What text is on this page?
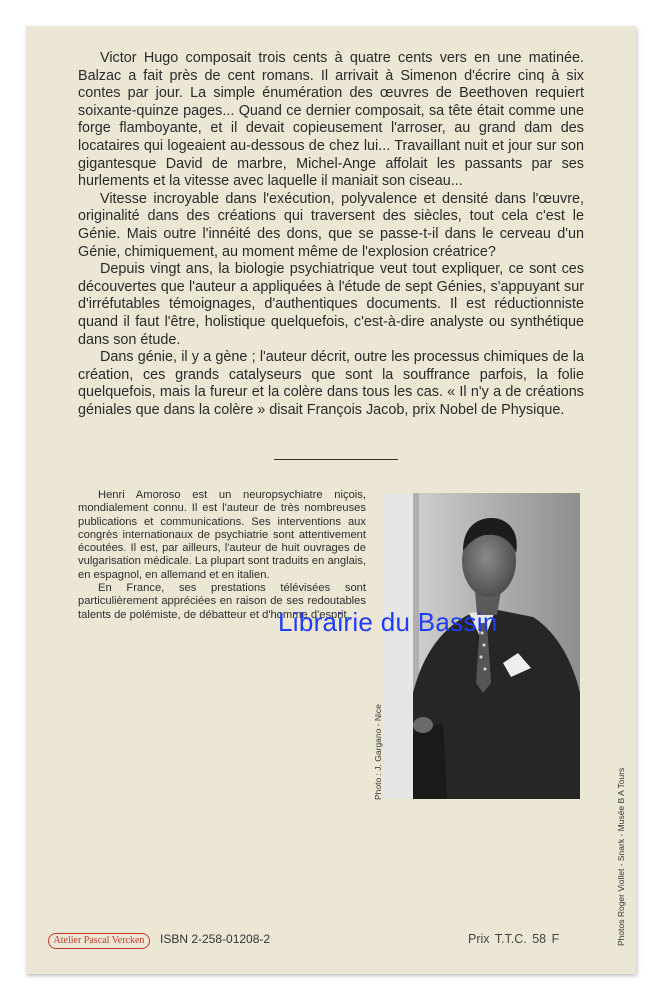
Victor Hugo composait trois cents à quatre cents vers en une matinée. Balzac a fait près de cent romans. Il arrivait à Simenon d'écrire cinq à six contes par jour. La simple énumération des œuvres de Beethoven requiert soixante-quinze pages... Quand ce dernier composait, sa tête était comme une forge flamboyante, et il devait copieusement l'arroser, au grand dam des locataires qui logeaient au-dessous de chez lui... Travaillant nuit et jour sur son gigantesque David de marbre, Michel-Ange affolait les passants par ses hurlements et la vitesse avec laquelle il maniait son ciseau...

Vitesse incroyable dans l'exécution, polyvalence et densité dans l'œuvre, originalité dans des créations qui traversent des siècles, tout cela c'est le Génie. Mais outre l'innéité des dons, que se passe-t-il dans le cerveau d'un Génie, chimiquement, au moment même de l'explosion créatrice?

Depuis vingt ans, la biologie psychiatrique veut tout expliquer, ce sont ces découvertes que l'auteur a appliquées à l'étude de sept Génies, s'appuyant sur d'irréfutables témoignages, d'authentiques documents. Il est réductionniste quand il faut l'être, holistique quelquefois, c'est-à-dire analyste ou synthétique dans son étude.

Dans génie, il y a gène ; l'auteur décrit, outre les processus chimiques de la création, ces grands catalyseurs que sont la souffrance parfois, la folie quelquefois, mais la fureur et la colère dans tous les cas. « Il n'y a de créations géniales que dans la colère » disait François Jacob, prix Nobel de Physique.

Henri Amoroso est un neuropsychiatre niçois, mondialement connu. Il est l'auteur de très nombreuses publications et communications. Ses interventions aux congrès internationaux de psychiatrie sont attentivement écoutées. Il est, par ailleurs, l'auteur de huit ouvrages de vulgarisation médicale. La plupart sont traduits en anglais, en espagnol, en allemand et en italien.

En France, ses prestations télévisées sont particulièrement appréciées en raison de ses redoutables talents de polémiste, de débatteur et d'homme d'esprit.

Photo : J. Gargano - Nice
Photos Roger Viollet - Snark - Musée B A Tours
Librairie du Bassin
Atelier Pascal Vercken	ISBN 2-258-01208-2	Prix T.T.C. 58 F
